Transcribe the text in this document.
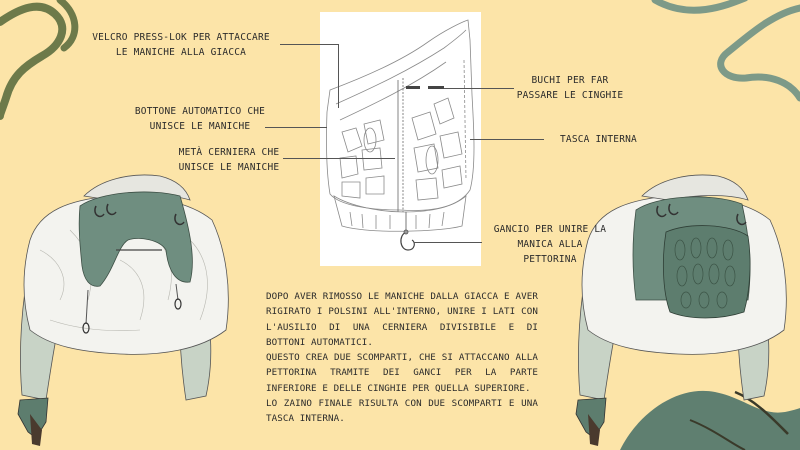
VELCRO PRESS-LOK PER ATTACCARE
LE MANICHE ALLA GIACCA
BOTTONE AUTOMATICO CHE
UNISCE LE MANICHE
METÀ CERNIERA CHE
UNISCE LE MANICHE
BUCHI PER FAR
PASSARE LE CINGHIE
TASCA INTERNA
GANCIO PER UNIRE LA
MANICA ALLA
PETTORINA
DOPO AVER RIMOSSO LE MANICHE DALLA GIACCA E AVER RIGIRATO I POLSINI ALL'INTERNO, UNIRE I LATI CON L'AUSILIO DI UNA CERNIERA DIVISIBILE E DI BOTTONI AUTOMATICI.
QUESTO CREA DUE SCOMPARTI, CHE SI ATTACCANO ALLA PETTORINA TRAMITE DEI GANCI PER LA PARTE INFERIORE E DELLE CINGHIE PER QUELLA SUPERIORE.
LO ZAINO FINALE RISULTA CON DUE SCOMPARTI E UNA TASCA INTERNA.
